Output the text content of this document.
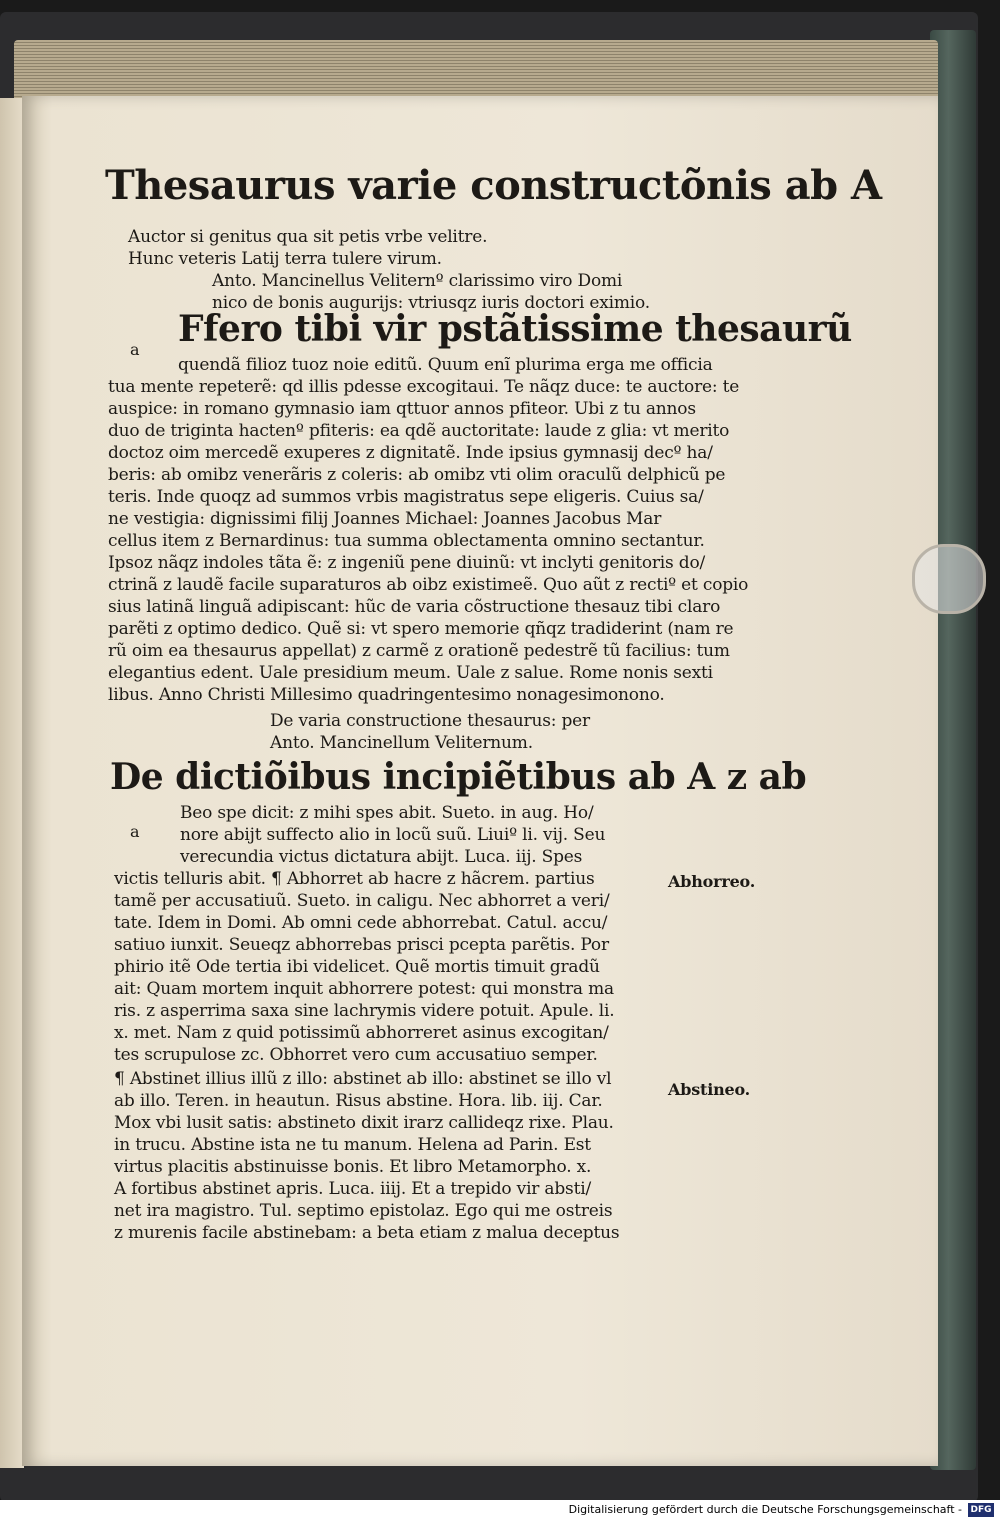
Thesaurus varie constructõnis ab A
Auctor si genitus qua sit petis vrbe velitre.
Hunc veteris Latij terra tulere virum.
Anto. Mancinellus Veliternº clarissimo viro Domi
nico de bonis augurijs: vtriusqz iuris doctori eximio.
a Ffero tibi vir pstãtissime thesaurũ
quendã filioz tuoz noie editũ. Quum enĩ plurima erga me officia
tua mente repeterẽ: qd illis pdesse excogitaui. Te nãqz duce: te auctore: te
auspice: in romano gymnasio iam qttuor annos pfiteor. Ubi z tu annos
duo de triginta hactenº pfiteris: ea qdẽ auctoritate: laude z glia: vt merito
doctoz oim mercedẽ exuperes z dignitatẽ. Inde ipsius gymnasij decº ha/
beris: ab omibz venerãris z coleris: ab omibz vti olim oraculũ delphicũ pe
teris. Inde quoqz ad summos vrbis magistratus sepe eligeris. Cuius sa/
ne vestigia: dignissimi filij Joannes Michael: Joannes Jacobus Mar
cellus item z Bernardinus: tua summa oblectamenta omnino sectantur.
Ipsoz nãqz indoles tãta ẽ: z ingeniũ pene diuinũ: vt inclyti genitoris do/
ctrinã z laudẽ facile suparaturos ab oibz existimeẽ. Quo aũt z rectiº et copio
sius latinã linguã adipiscant: hũc de varia cõstructione thesauz tibi claro
parẽti z optimo dedico. Quẽ si: vt spero memorie qñqz tradiderint (nam re
rũ oim ea thesaurus appellat) z carmẽ z orationẽ pedestrẽ tũ facilius: tum
elegantius edent. Uale presidium meum. Uale z salue. Rome nonis sexti
libus. Anno Christi Millesimo quadringentesimo nonagesimonono.
De varia constructione thesaurus: per
Anto. Mancinellum Veliternum.
De dictiõibus incipiẽtibus ab A z ab
a
Beo spe dicit: z mihi spes abit. Sueto. in aug. Ho/
nore abijt suffecto alio in locũ suũ. Liuiº li. vij. Seu
verecundia victus dictatura abijt. Luca. iij. Spes
victis telluris abit. ¶ Abhorret ab hacre z hãcrem. partius
tamẽ per accusatiuũ. Sueto. in caligu. Nec abhorret a veri/
tate. Idem in Domi. Ab omni cede abhorrebat. Catul. accu/
satiuo iunxit. Seueqz abhorrebas prisci pcepta parẽtis. Por
phirio itẽ Ode tertia ibi videlicet. Quẽ mortis timuit gradũ
ait: Quam mortem inquit abhorrere potest: qui monstra ma
ris. z asperrima saxa sine lachrymis videre potuit. Apule. li.
x. met. Nam z quid potissimũ abhorreret asinus excogitan/
tes scrupulose zc. Obhorret vero cum accusatiuo semper.
¶ Abstinet illius illũ z illo: abstinet ab illo: abstinet se illo vl
ab illo. Teren. in heautun. Risus abstine. Hora. lib. iij. Car.
Mox vbi lusit satis: abstineto dixit irarz callideqz rixe. Plau.
in trucu. Abstine ista ne tu manum. Helena ad Parin. Est
virtus placitis abstinuisse bonis. Et libro Metamorpho. x.
A fortibus abstinet apris. Luca. iiij. Et a trepido vir absti/
net ira magistro. Tul. septimo epistolaz. Ego qui me ostreis
z murenis facile abstinebam: a beta etiam z malua deceptus
Abhorreo.
Abstineo.
Digitalisierung gefördert durch die Deutsche Forschungsgemeinschaft - DFG
